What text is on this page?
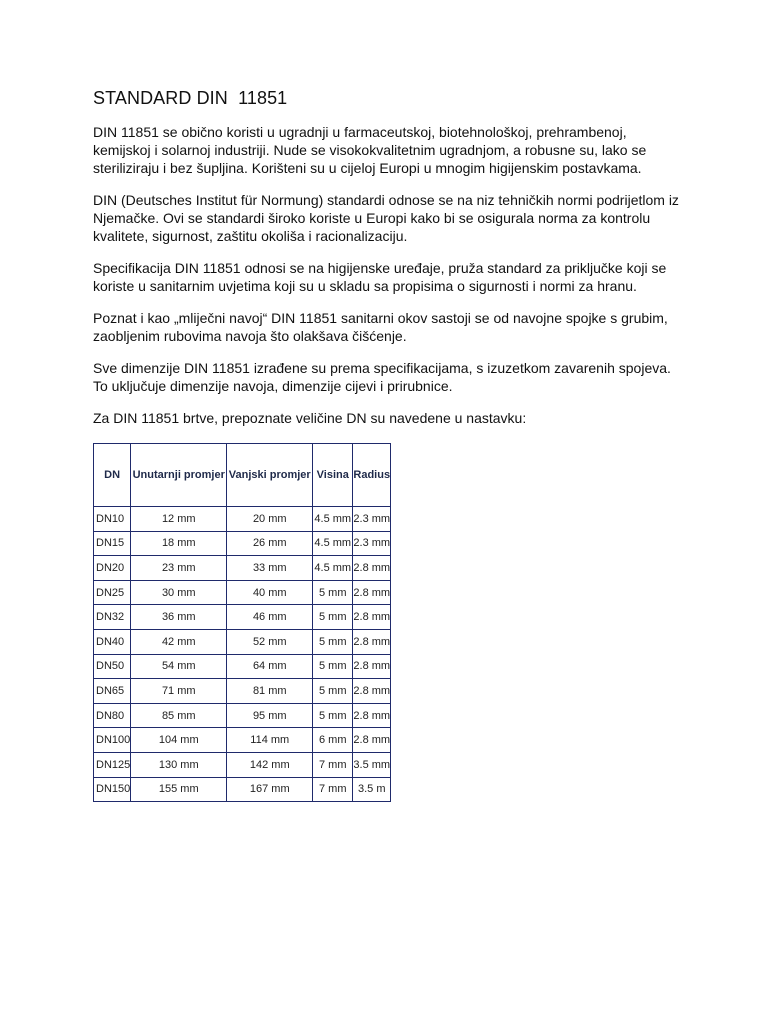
STANDARD DIN  11851

DIN 11851 se obično koristi u ugradnji u farmaceutskoj, biotehnološkoj, prehrambenoj, kemijskoj i solarnoj industriji. Nude se visokokvalitetnim ugradnjom, a robusne su, lako se steriliziraju i bez šupljina. Korišteni su u cijeloj Europi u mnogim higijenskim postavkama.

DIN (Deutsches Institut für Normung) standardi odnose se na niz tehničkih normi podrijetlom iz Njemačke. Ovi se standardi široko koriste u Europi kako bi se osigurala norma za kontrolu kvalitete, sigurnost, zaštitu okoliša i racionalizaciju.

Specifikacija DIN 11851 odnosi se na higijenske uređaje, pruža standard za priključke koji se koriste u sanitarnim uvjetima koji su u skladu sa propisima o sigurnosti i normi za hranu.

Poznat i kao „mliječni navoj“ DIN 11851 sanitarni okov sastoji se od navojne spojke s grubim, zaobljenim rubovima navoja što olakšava čišćenje.

Sve dimenzije DIN 11851 izrađene su prema specifikacijama, s izuzetkom zavarenih spojeva. To uključuje dimenzije navoja, dimenzije cijevi i prirubnice.

Za DIN 11851 brtve, prepoznate veličine DN su navedene u nastavku:

DN	Unutarnji promjer	Vanjski promjer	Visina	Radius
DN10	12 mm	20 mm	4.5 mm	2.3 mm
DN15	18 mm	26 mm	4.5 mm	2.3 mm
DN20	23 mm	33 mm	4.5 mm	2.8 mm
DN25	30 mm	40 mm	5 mm	2.8 mm
DN32	36 mm	46 mm	5 mm	2.8 mm
DN40	42 mm	52 mm	5 mm	2.8 mm
DN50	54 mm	64 mm	5 mm	2.8 mm
DN65	71 mm	81 mm	5 mm	2.8 mm
DN80	85 mm	95 mm	5 mm	2.8 mm
DN100	104 mm	114 mm	6 mm	2.8 mm
DN125	130 mm	142 mm	7 mm	3.5 mm
DN150	155 mm	167 mm	7 mm	3.5 m
